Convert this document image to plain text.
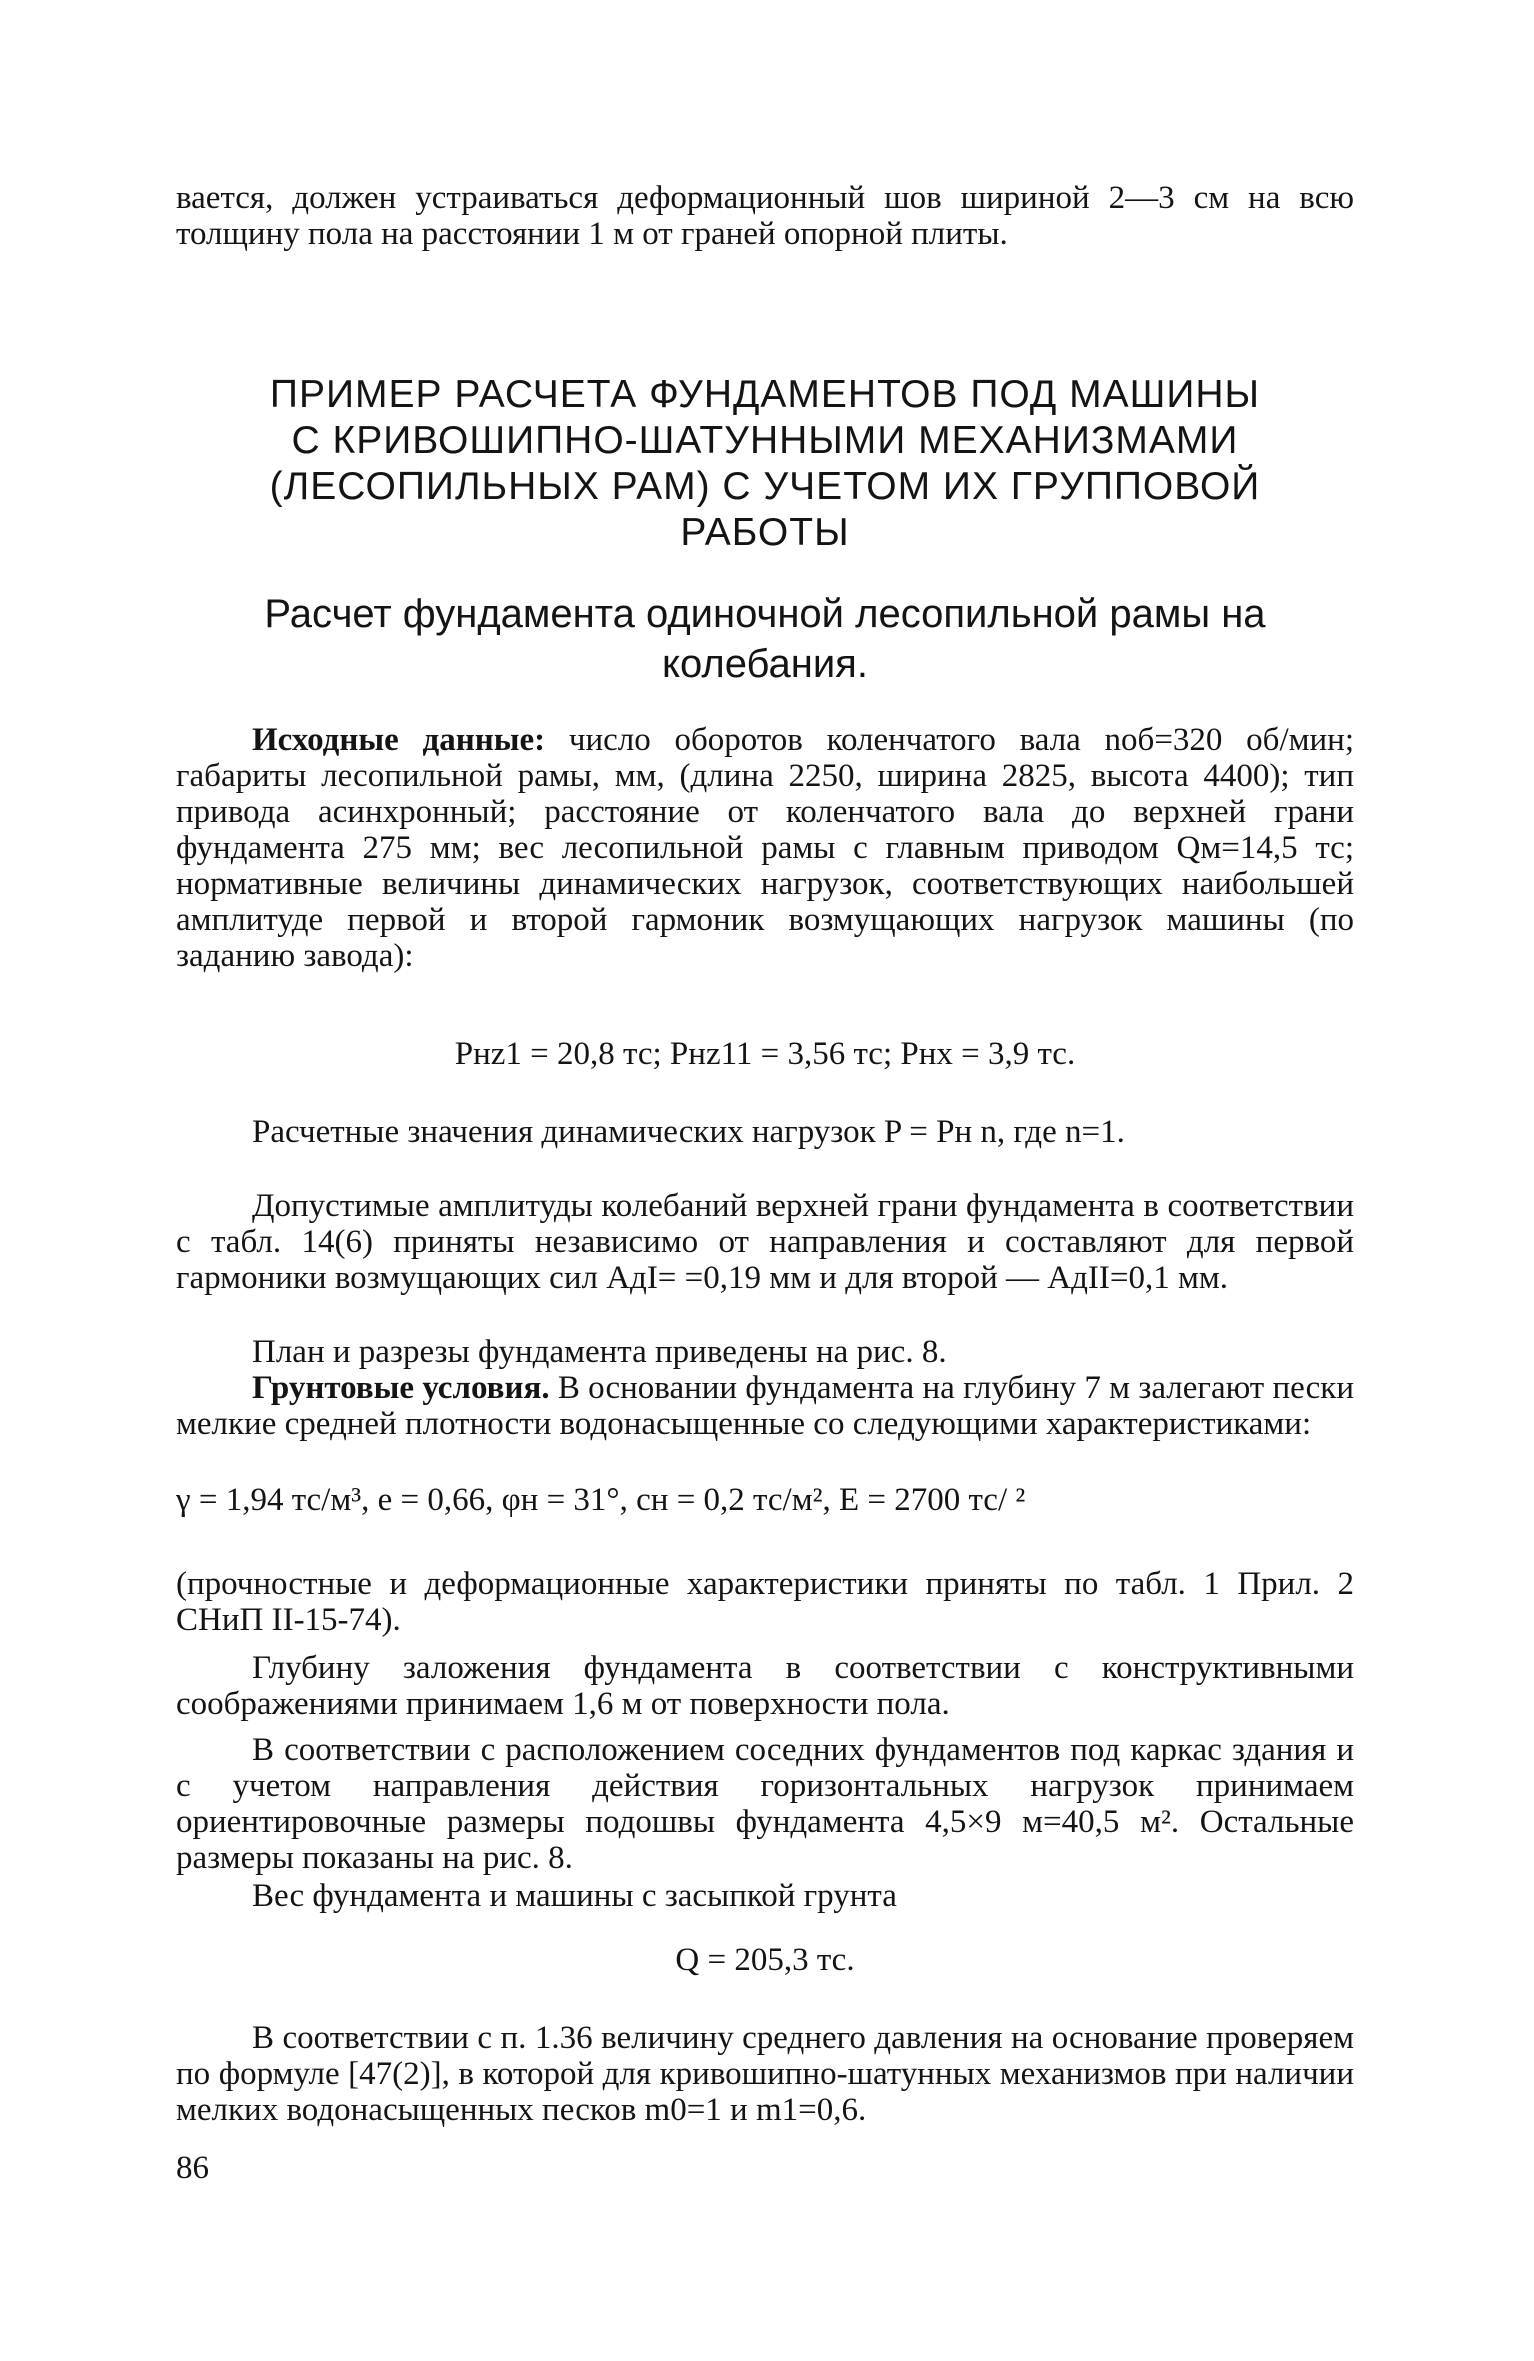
вается, должен устраиваться деформационный шов шириной 2—3 см на всю толщину пола на расстоянии 1 м от граней опорной плиты.

ПРИМЕР РАСЧЕТА ФУНДАМЕНТОВ ПОД МАШИНЫ

С КРИВОШИПНО-ШАТУННЫМИ МЕХАНИЗМАМИ

(ЛЕСОПИЛЬНЫХ РАМ) С УЧЕТОМ ИХ ГРУППОВОЙ

РАБОТЫ

Расчет фундамента одиночной лесопильной рамы на

колебания.

Исходные данные: число оборотов коленчатого вала nоб=320 об/мин; габариты лесопильной рамы, мм, (длина 2250, ширина 2825, высота 4400); тип привода асинхронный; расстояние от коленчатого вала до верхней грани фундамента 275 мм; вес лесопильной рамы с главным приводом Qм=14,5 тс; нормативные величины динамических нагрузок, соответствующих наибольшей амплитуде первой и второй гармоник возмущающих нагрузок машины (по заданию завода):

Pнz1 = 20,8 тс; Pнz11 = 3,56 тс; Pнx = 3,9 тс.

Расчетные значения динамических нагрузок P = Pн n, где n=1.

Допустимые амплитуды колебаний верхней грани фундамента в соответствии с табл. 14(6) приняты независимо от направления и составляют для первой гармоники возмущающих сил AдI= =0,19 мм и для второй — AдII=0,1 мм.

План и разрезы фундамента приведены на рис. 8.

Грунтовые условия. В основании фундамента на глубину 7 м залегают пески мелкие средней плотности водонасыщенные со следующими характеристиками:

γ = 1,94 тс/м³, e = 0,66, φн = 31°, cн = 0,2 тс/м², E = 2700 тс/ ²

(прочностные и деформационные характеристики приняты по табл. 1 Прил. 2 СНиП II-15-74).

Глубину заложения фундамента в соответствии с конструктивными соображениями принимаем 1,6 м от поверхности пола.

В соответствии с расположением соседних фундаментов под каркас здания и с учетом направления действия горизонтальных нагрузок принимаем ориентировочные размеры подошвы фундамента 4,5×9 м=40,5 м². Остальные размеры показаны на рис. 8.

Вес фундамента и машины с засыпкой грунта

Q = 205,3 тс.

В соответствии с п. 1.36 величину среднего давления на основание проверяем по формуле [47(2)], в которой для кривошипно-шатунных механизмов при наличии мелких водонасыщенных песков m0=1 и m1=0,6.

86
